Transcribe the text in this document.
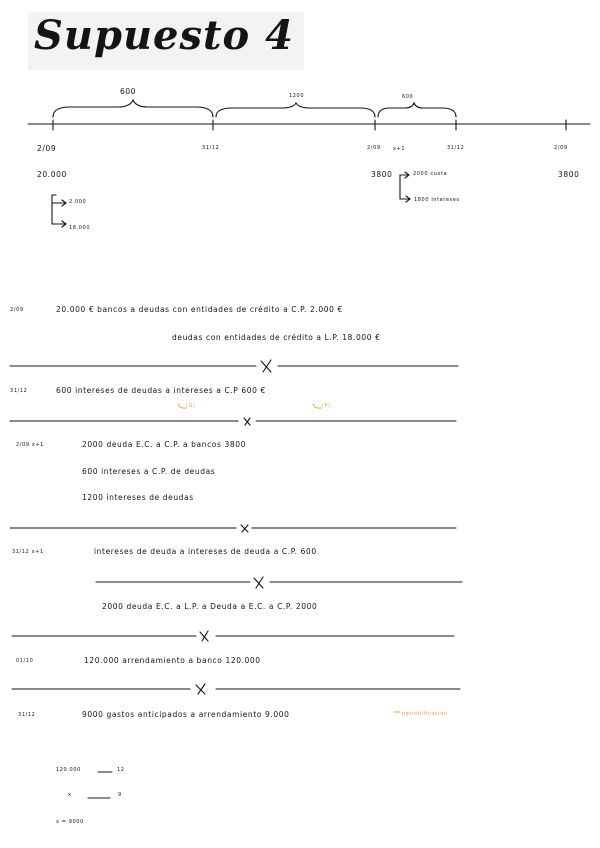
Supuesto 4
600	1200	600
2/09	31/12	2/09 x+1	31/12	2/09
20.000
2.000
18.000
3800	2000 cuota
1800 intereses
3800
2/09	20.000 € bancos a deudas con entidades de crédito a C.P. 2.000 €
deudas con entidades de crédito a L.P. 18.000 €
31/12	600 intereses de deudas a intereses a C.P 600 €
(G)	(P)
2/09 x+1	2000 deuda E.C. a C.P. a bancos 3800
600 intereses a C.P. de deudas
1200 intereses de deudas
31/12 x+1	intereses de deuda a intereses de deuda a C.P. 600
2000 deuda E.C. a L.P. a Deuda a E.C. a C.P. 2000
01/10	120.000 arrendamiento a banco 120.000
31/12	9000 gastos anticipados a arrendamiento 9.000	periodificación
120.000	12
x	9
x = 9000
